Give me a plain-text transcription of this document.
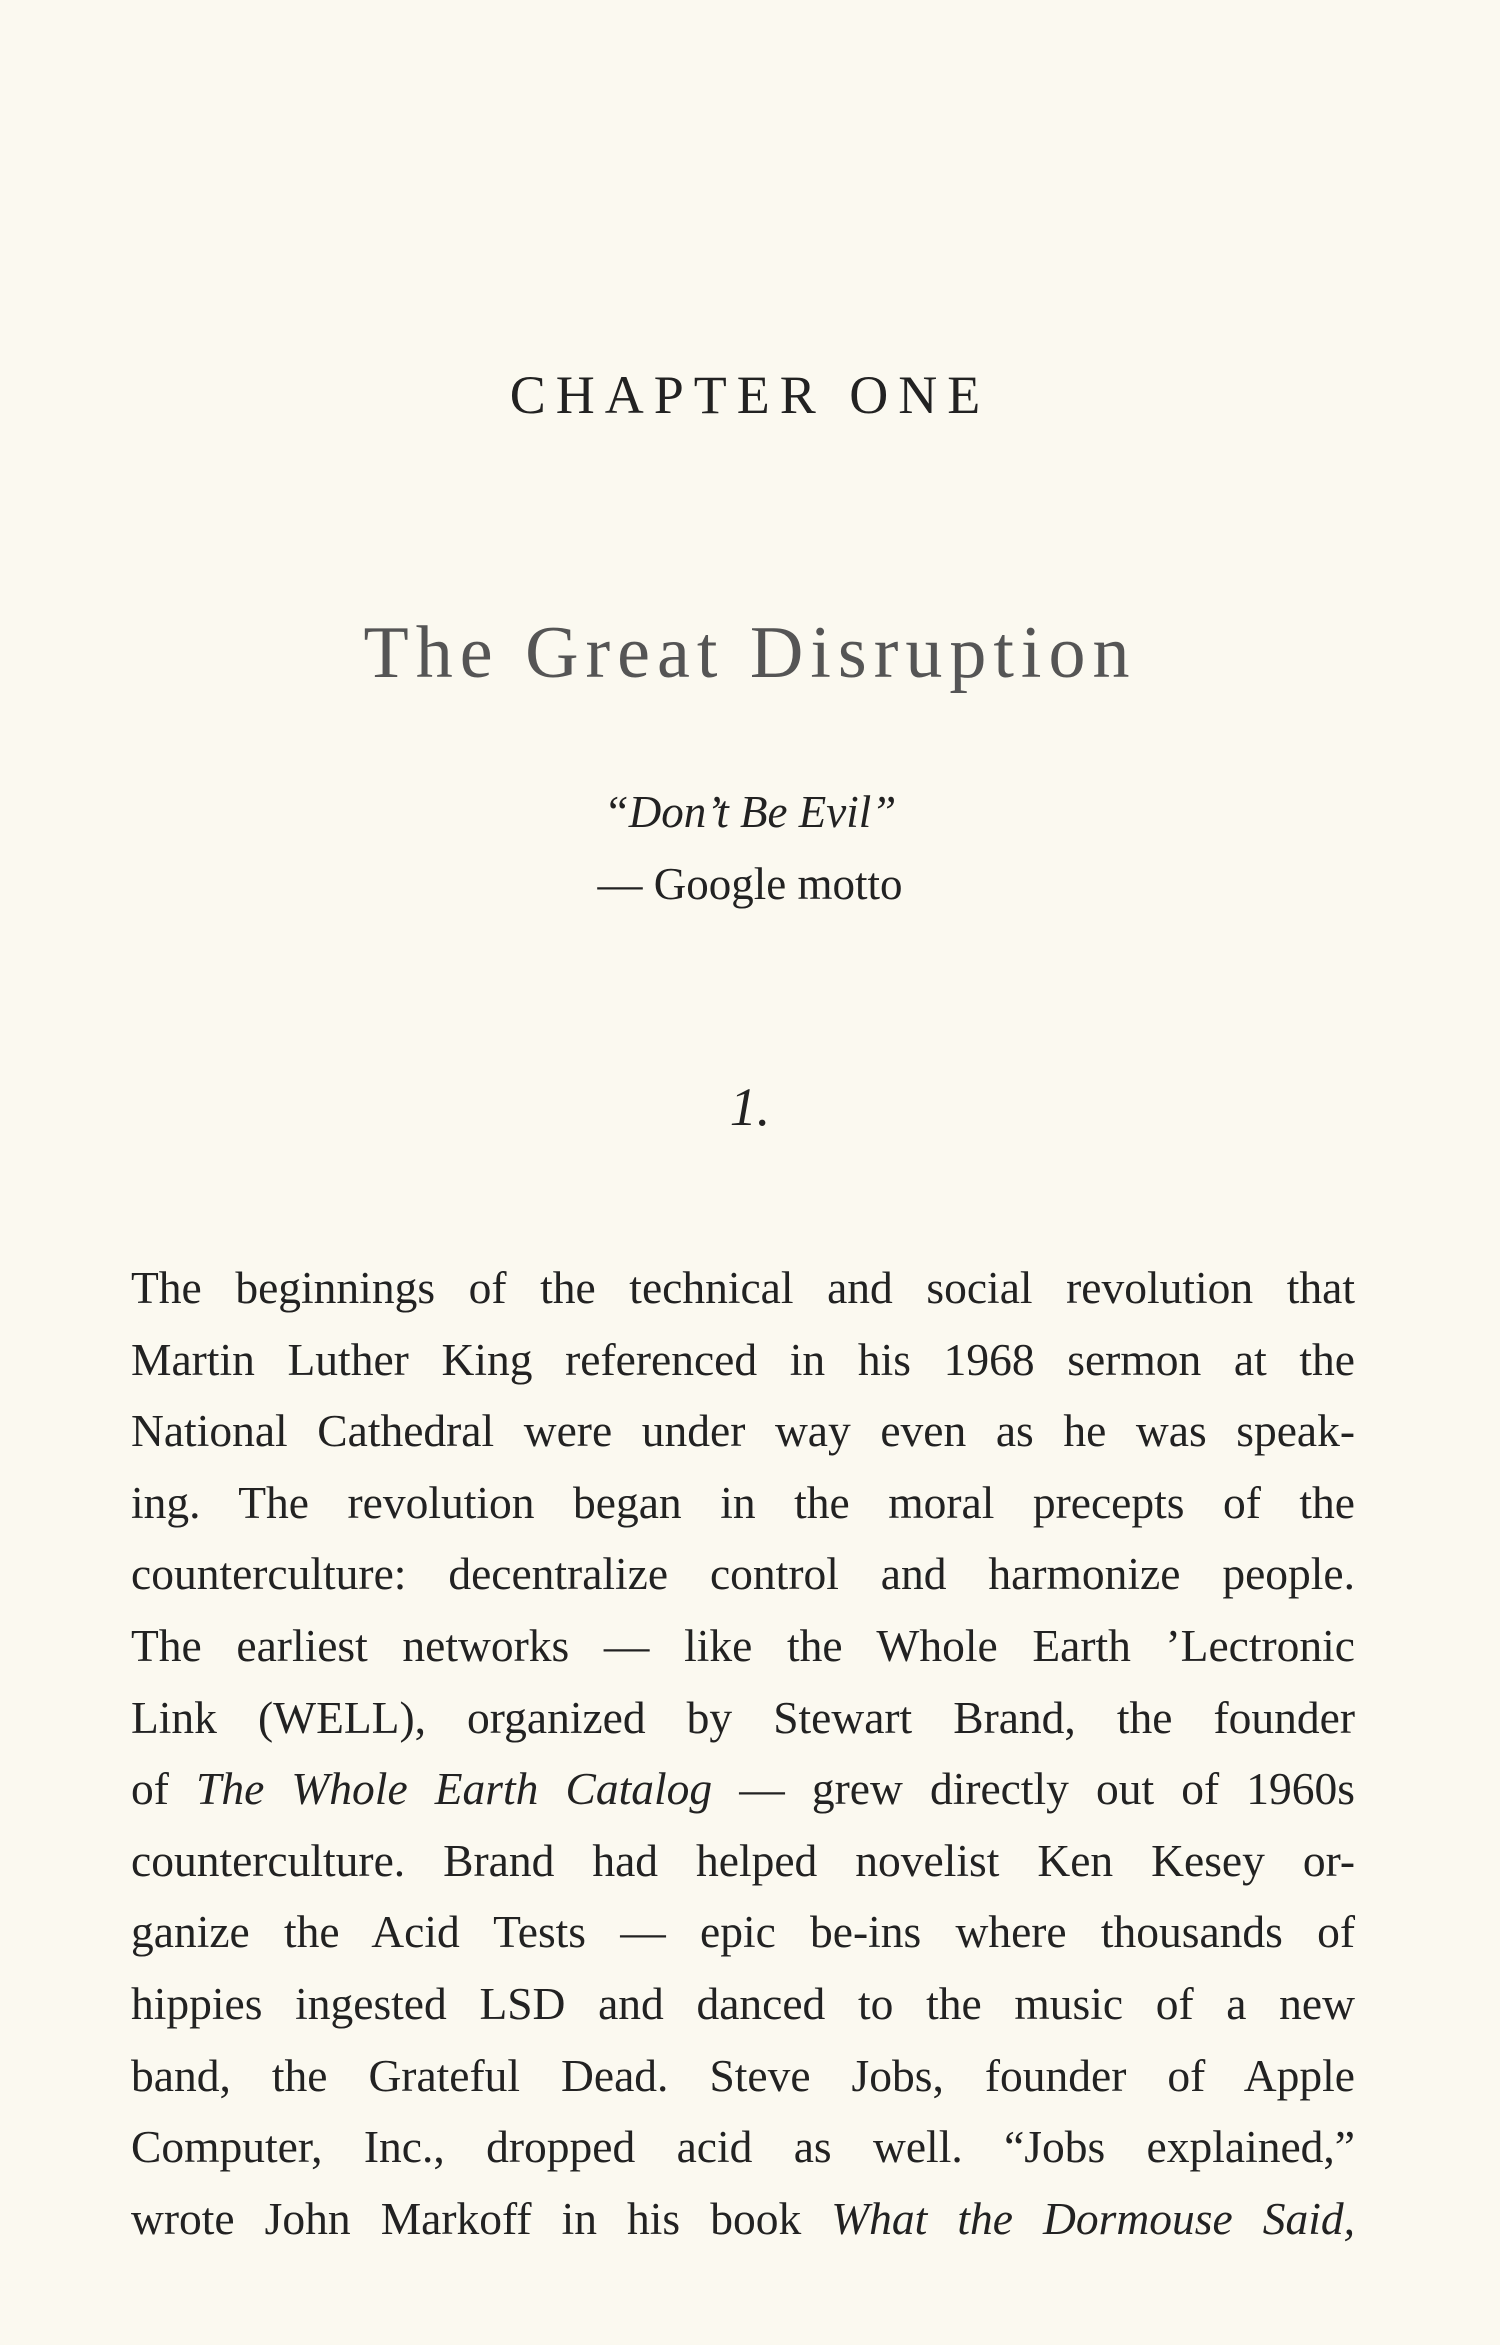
CHAPTER ONE
The Great Disruption
“Don’t Be Evil”
— Google motto
1.
The beginnings of the technical and social revolution that
Martin Luther King referenced in his 1968 sermon at the
National Cathedral were under way even as he was speak-
ing. The revolution began in the moral precepts of the
counterculture: decentralize control and harmonize people.
The earliest networks — like the Whole Earth ’Lectronic
Link (WELL), organized by Stewart Brand, the founder
of The Whole Earth Catalog — grew directly out of 1960s
counterculture. Brand had helped novelist Ken Kesey or-
ganize the Acid Tests — epic be-ins where thousands of
hippies ingested LSD and danced to the music of a new
band, the Grateful Dead. Steve Jobs, founder of Apple
Computer, Inc., dropped acid as well. “Jobs explained,”
wrote John Markoff in his book What the Dormouse Said,
